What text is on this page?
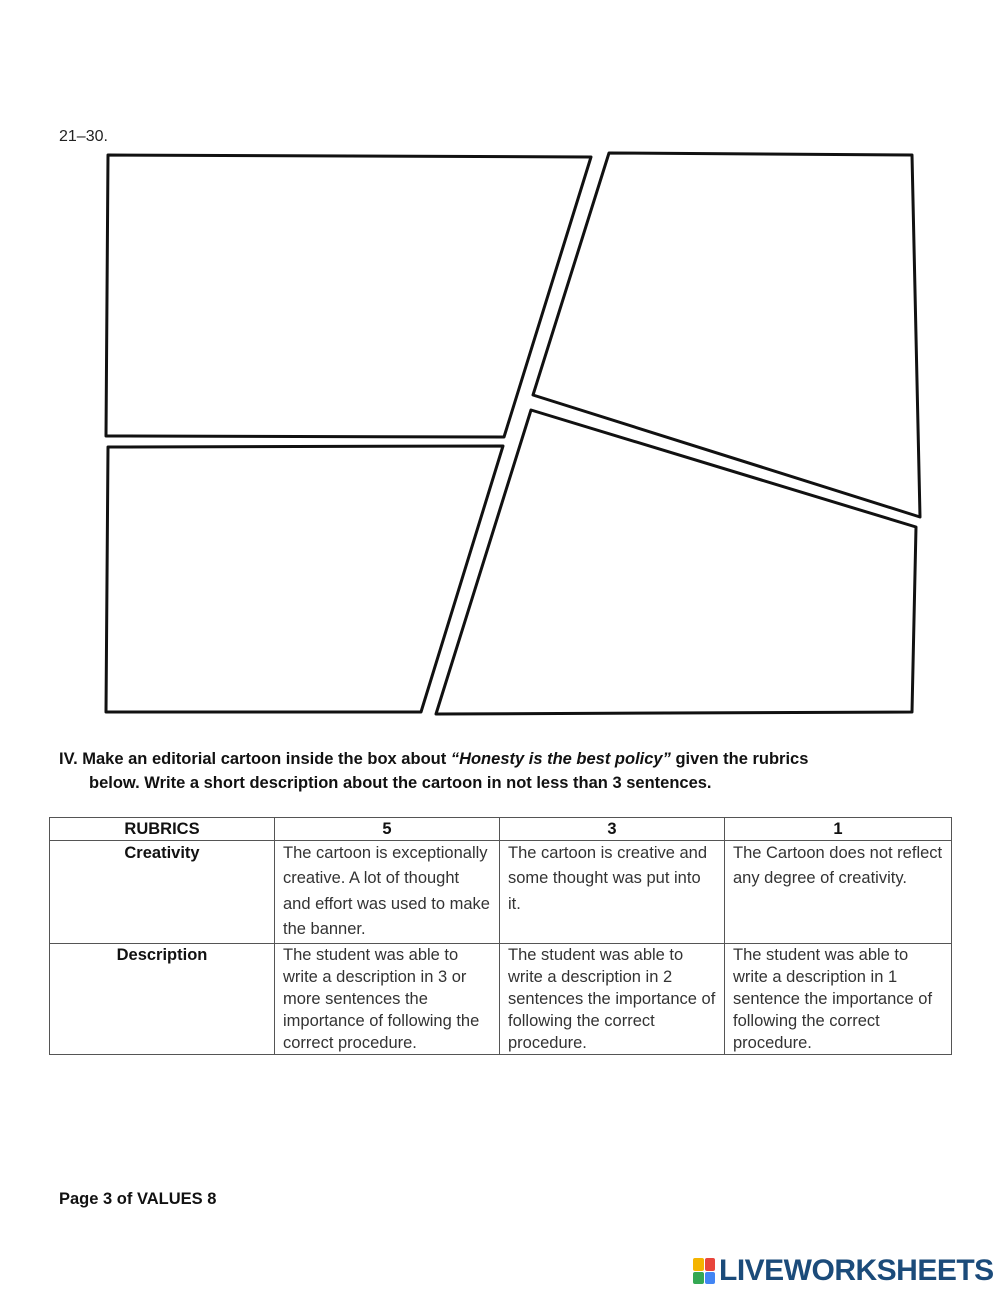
21–30.
IV. Make an editorial cartoon inside the box about “Honesty is the best policy” given the rubrics
below. Write a short description about the cartoon in not less than 3 sentences.
RUBRICS	5	3	1
Creativity	The cartoon is exceptionally creative. A lot of thought and effort was used to make the banner.	The cartoon is creative and some thought was put into it.	The Cartoon does not reflect any degree of creativity.
Description	The student was able to write a description in 3 or more sentences the importance of following the correct procedure.	The student was able to write a description in 2 sentences the importance of following the correct procedure.	The student was able to write a description in 1 sentence the importance of following the correct procedure.
Page 3 of VALUES 8
LIVEWORKSHEETS
